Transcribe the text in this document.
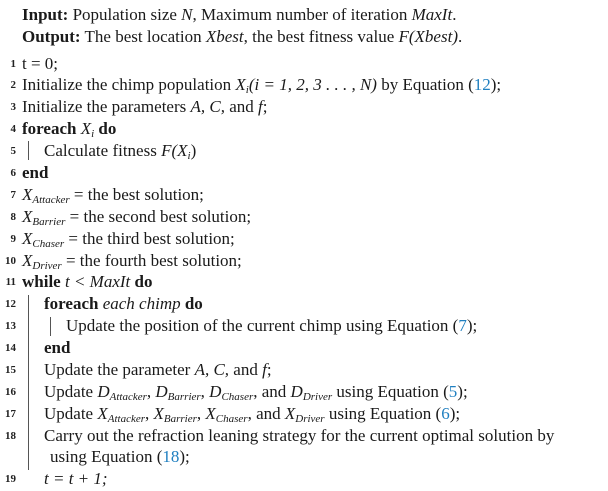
Input: Population size N, Maximum number of iteration MaxIt.
Output: The best location Xbest, the best fitness value F(Xbest).
1 t = 0;
2 Initialize the chimp population $X_i(i = 1$, 2, 3 . . . , N) by Equation (12);
3 Initialize the parameters A, C, and f;
4 foreach $X_i$ do
5 Calculate fitness $F(X_i)$
6 end
7 $X_{Attacker}$ = the best solution;
8 $X_{Barrier}$ = the second best solution;
9 $X_{Chaser}$ = the third best solution;
10 $X_{Driver}$ = the fourth best solution;
11 while t < MaxIt do
12 foreach each chimp do
13	Update the position of the current chimp using Equation (7);
14 end
15 Update the parameter A, C, and f;
16 Update $D_{Attacker}$, $D_{Barrier}$, $D_{Chaser}$, and $D_{Driver}$ using Equation (5);
17 Update $X_{Attacker}$, $X_{Barrier}$, $X_{Chaser}$, and $X_{Driver}$ using Equation (6);
18 Carry out the refraction leaning strategy for the current optimal solution by
using Equation (18);
19 t = t + 1;
